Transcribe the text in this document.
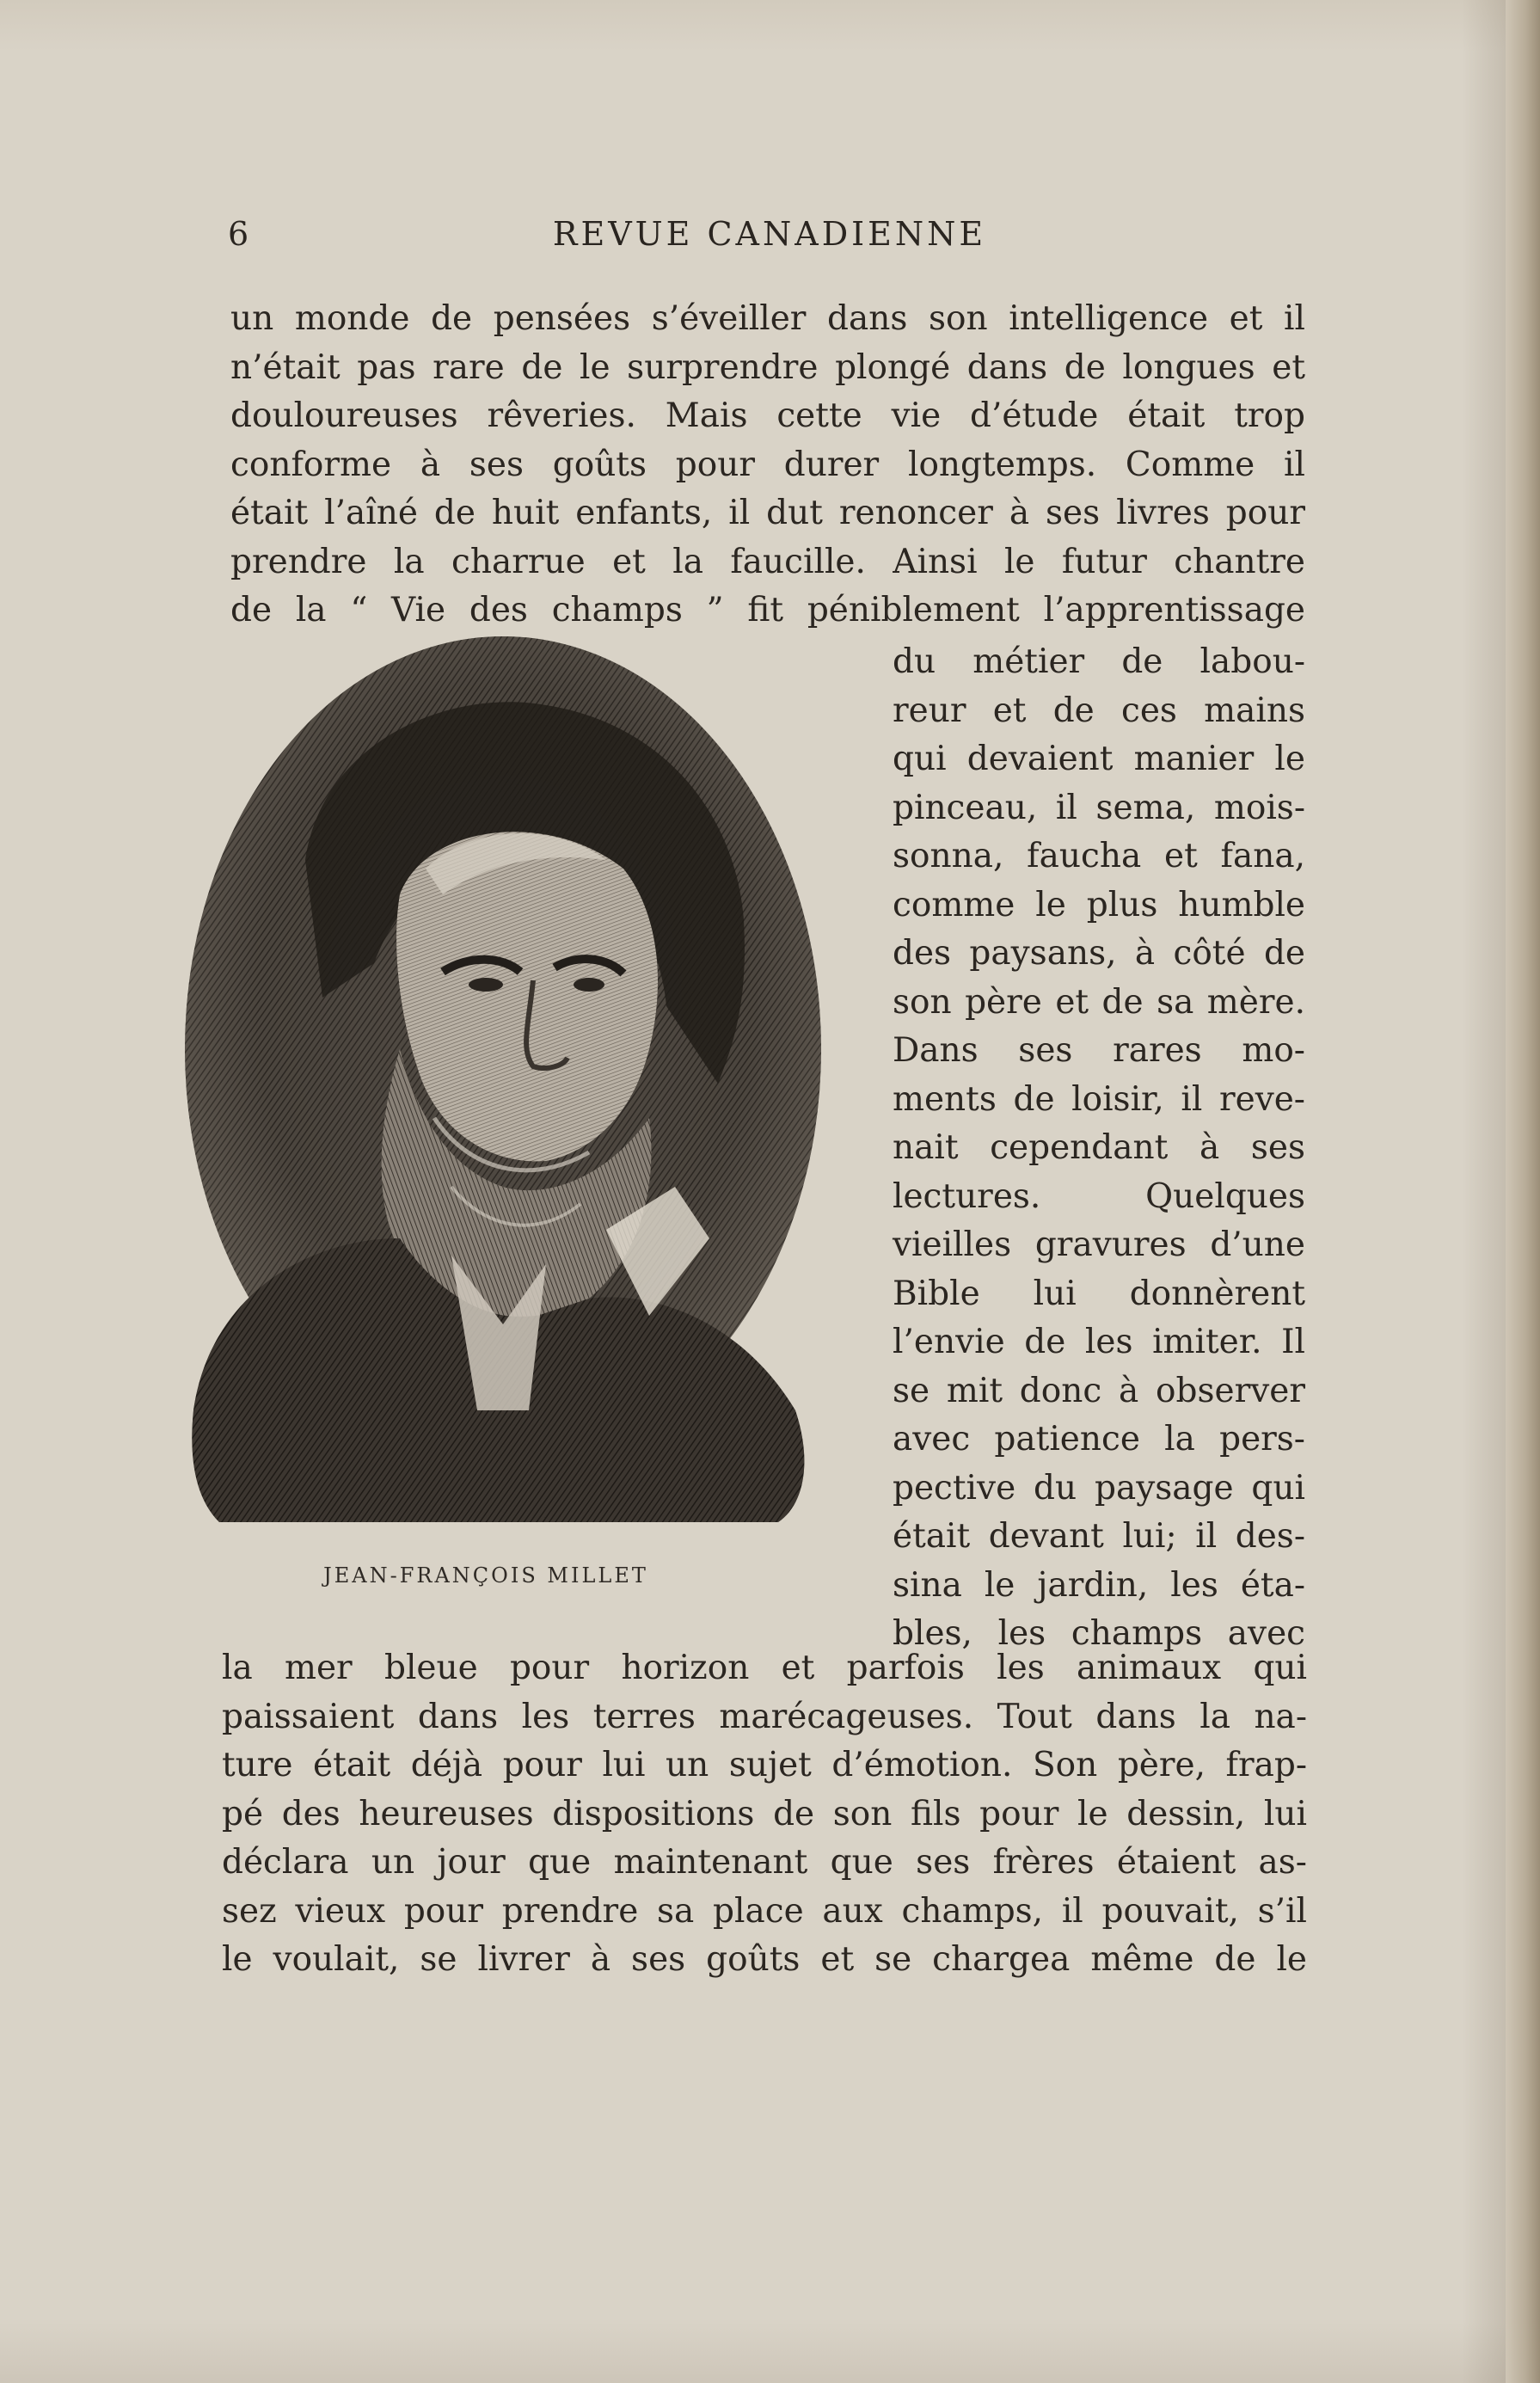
6	REVUE CANADIENNE

un monde de pensées s’éveiller dans son intelligence et il

n’était pas rare de le surprendre plongé dans de longues et

douloureuses rêveries. Mais cette vie d’étude était trop

conforme à ses goûts pour durer longtemps. Comme il

était l’aîné de huit enfants, il dut renoncer à ses livres pour

prendre la charrue et la faucille. Ainsi le futur chantre

de la “ Vie des champs ” fit péniblement l’apprentissage

JEAN-FRANÇOIS MILLET

du métier de labou-

reur et de ces mains

qui devaient manier le

pinceau, il sema, mois-

sonna, faucha et fana,

comme le plus humble

des paysans, à côté de

son père et de sa mère.

Dans ses rares mo-

ments de loisir, il reve-

nait cependant à ses

lectures. Quelques

vieilles gravures d’une

Bible lui donnèrent

l’envie de les imiter. Il

se mit donc à observer

avec patience la pers-

pective du paysage qui

était devant lui; il des-

sina le jardin, les éta-

bles, les champs avec

la mer bleue pour horizon et parfois les animaux qui

paissaient dans les terres marécageuses. Tout dans la na-

ture était déjà pour lui un sujet d’émotion. Son père, frap-

pé des heureuses dispositions de son fils pour le dessin, lui

déclara un jour que maintenant que ses frères étaient as-

sez vieux pour prendre sa place aux champs, il pouvait, s’il

le voulait, se livrer à ses goûts et se chargea même de le
